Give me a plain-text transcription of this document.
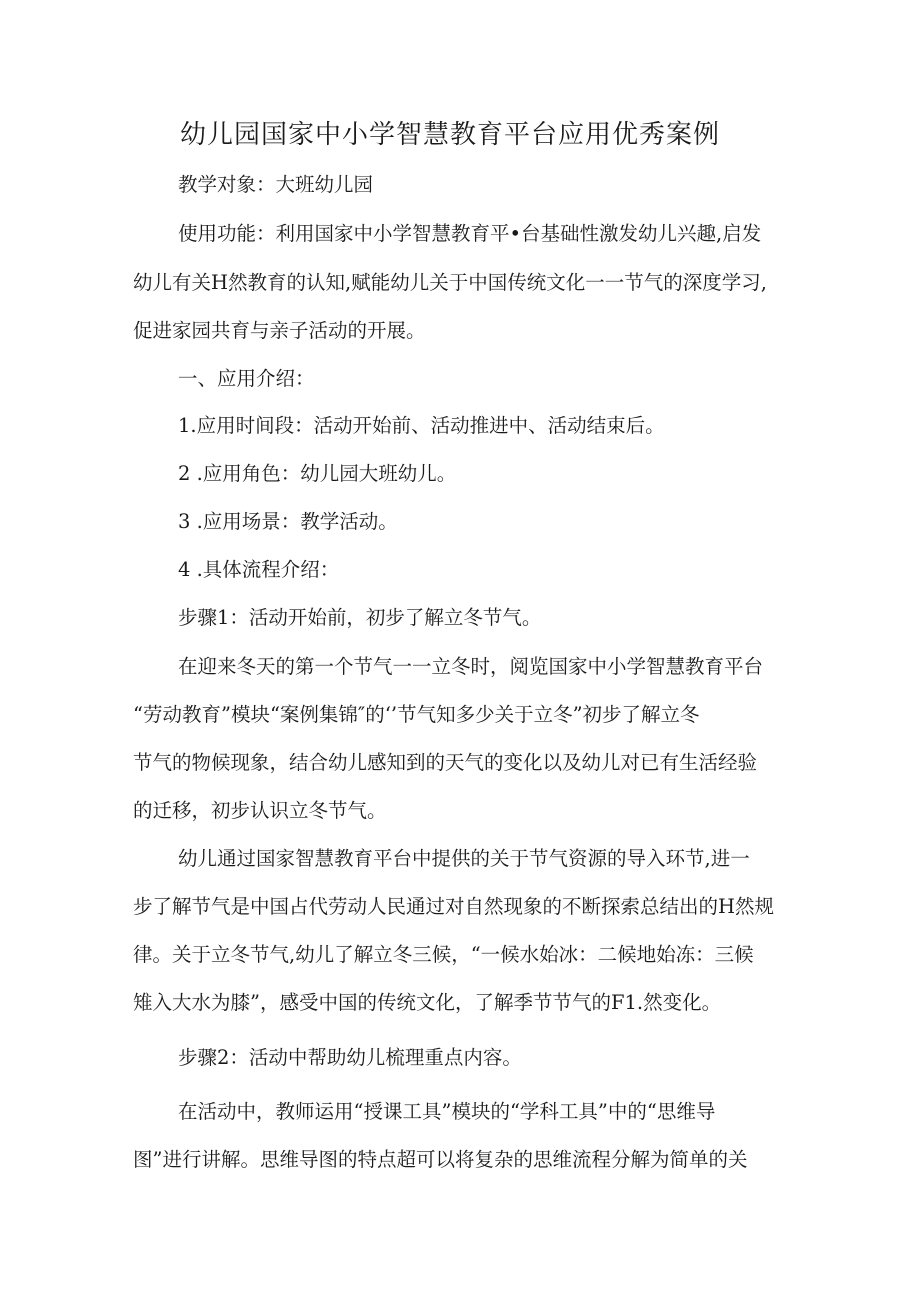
幼儿园国家中小学智慧教育平台应用优秀案例
教学对象：大班幼儿园
使用功能：利用国家中小学智慧教育平•台基础性激发幼儿兴趣,启发
幼儿有关H然教育的认知,赋能幼儿关于中国传统文化一一节气的深度学习,
促进家园共育与亲子活动的开展。
一、应用介绍：
1.应用时间段：活动开始前、活动推进中、活动结束后。
2 .应用角色：幼儿园大班幼儿。
3 .应用场景：教学活动。
4 .具体流程介绍：
步骤1：活动开始前，初步了解立冬节气。
在迎来冬天的第一个节气一一立冬时，阅览国家中小学智慧教育平台
“劳动教育”模块“案例集锦″的‘’节气知多少关于立冬”初步了解立冬
节气的物候现象，结合幼儿感知到的天气的变化以及幼儿对已有生活经验
的迁移，初步认识立冬节气。
幼儿通过国家智慧教育平台中提供的关于节气资源的导入环节,进一
步了解节气是中国占代劳动人民通过对自然现象的不断探索总结出的H然规
律。关于立冬节气,幼儿了解立冬三候，“一候水始冰：二候地始冻：三候
雉入大水为膝”，感受中国的传统文化，了解季节节气的F1.然变化。
步骤2：活动中帮助幼儿梳理重点内容。
在活动中，教师运用“授课工具”模块的“学科工具”中的“思维导
图”进行讲解。思维导图的特点超可以将复杂的思维流程分解为简单的关
